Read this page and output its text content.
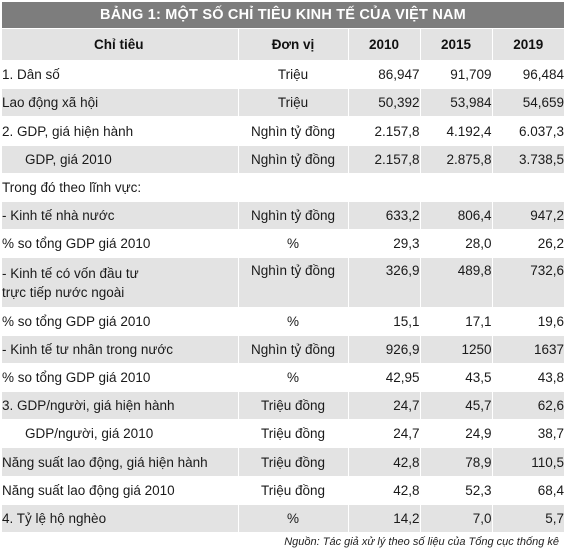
BẢNG 1: MỘT SỐ CHỈ TIÊU KINH TẾ CỦA VIỆT NAM
Chỉ tiêu	Đơn vị	2010	2015	2019
1. Dân số	Triệu	86,947	91,709	96,484
Lao động xã hội	Triệu	50,392	53,984	54,659
2. GDP, giá hiện hành	Nghìn tỷ đồng	2.157,8	4.192,4	6.037,3
GDP, giá 2010	Nghìn tỷ đồng	2.157,8	2.875,8	3.738,5
Trong đó theo lĩnh vực:				
- Kinh tế nhà nước	Nghìn tỷ đồng	633,2	806,4	947,2
% so tổng GDP giá 2010	%	29,3	28,0	26,2

- Kinh tế có vốn đầu tư
trực tiếp nước ngoài	Nghìn tỷ đồng	326,9	489,8	732,6
% so tổng GDP giá 2010	%	15,1	17,1	19,6
- Kinh tế tư nhân trong nước	Nghìn tỷ đồng	926,9	1250	1637
% so tổng GDP giá 2010	%	42,95	43,5	43,8
3. GDP/người, giá hiện hành	Triệu đồng	24,7	45,7	62,6
GDP/người, giá 2010	Triệu đồng	24,7	24,9	38,7
Năng suất lao động, giá hiện hành	Triệu đồng	42,8	78,9	110,5
Năng suất lao động giá 2010	Triệu đồng	42,8	52,3	68,4
4. Tỷ lệ hộ nghèo	%	14,2	7,0	5,7
Nguồn: Tác giả xử lý theo số liệu của Tổng cục thống kê
